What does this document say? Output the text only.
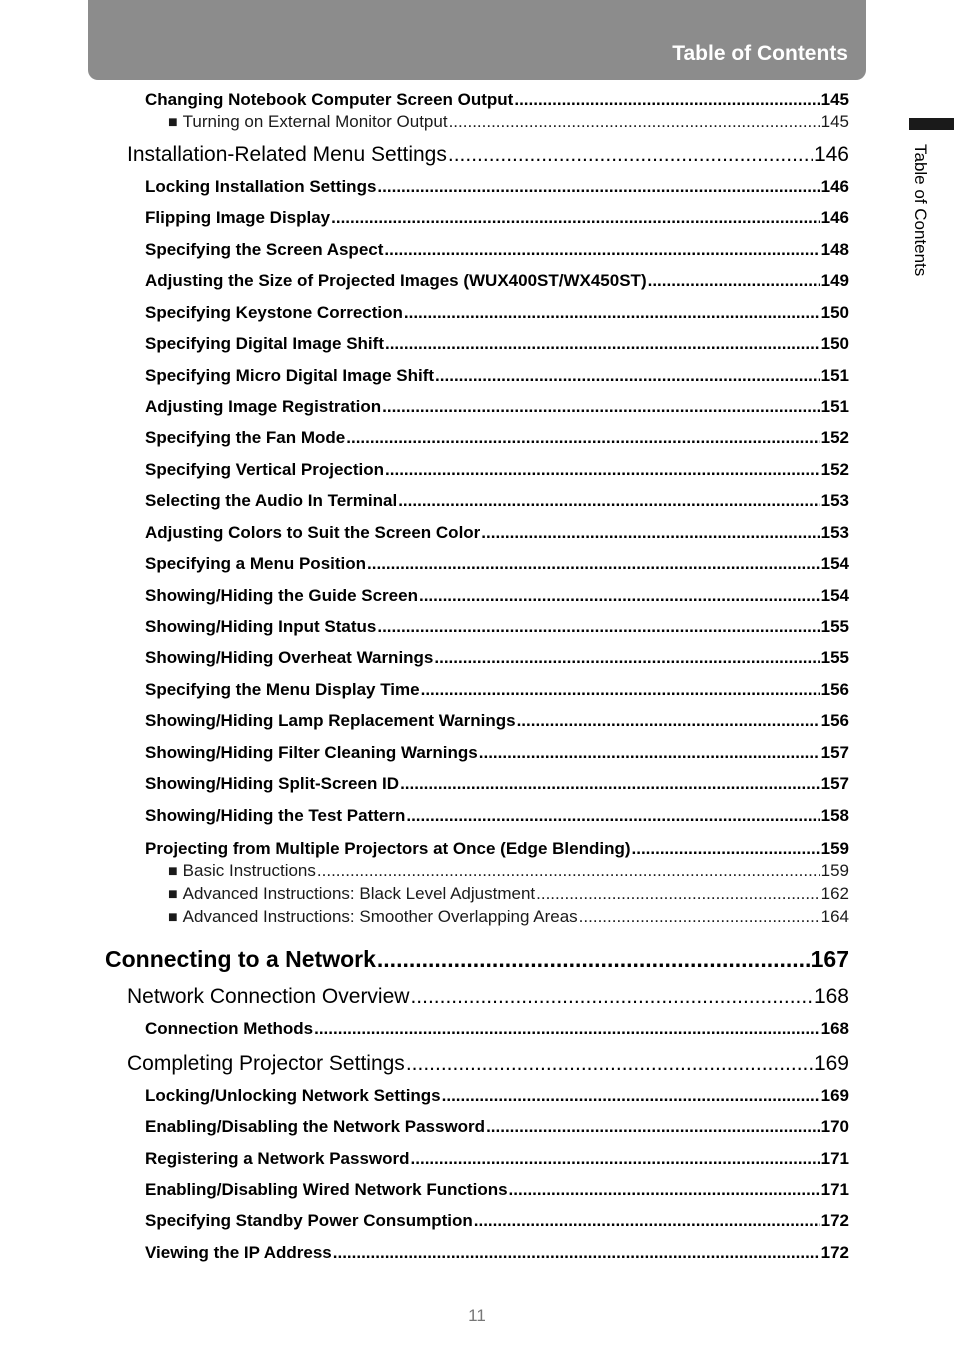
Table of Contents
Table of Contents
Changing Notebook Computer Screen Output .....	145
■ Turning on External Monitor Output .....	145
Installation-Related Menu Settings .....	146
Locking Installation Settings .....	146
Flipping Image Display .....	146
Specifying the Screen Aspect .....	148
Adjusting the Size of Projected Images (WUX400ST/WX450ST) .....	149
Specifying Keystone Correction .....	150
Specifying Digital Image Shift .....	150
Specifying Micro Digital Image Shift .....	151
Adjusting Image Registration .....	151
Specifying the Fan Mode .....	152
Specifying Vertical Projection .....	152
Selecting the Audio In Terminal .....	153
Adjusting Colors to Suit the Screen Color .....	153
Specifying a Menu Position .....	154
Showing/Hiding the Guide Screen .....	154
Showing/Hiding Input Status .....	155
Showing/Hiding Overheat Warnings .....	155
Specifying the Menu Display Time .....	156
Showing/Hiding Lamp Replacement Warnings .....	156
Showing/Hiding Filter Cleaning Warnings .....	157
Showing/Hiding Split-Screen ID .....	157
Showing/Hiding the Test Pattern .....	158
Projecting from Multiple Projectors at Once (Edge Blending) .....	159
■ Basic Instructions .....	159
■ Advanced Instructions: Black Level Adjustment .....	162
■ Advanced Instructions: Smoother Overlapping Areas .....	164
Connecting to a Network .....	167
Network Connection Overview .....	168
Connection Methods .....	168
Completing Projector Settings .....	169
Locking/Unlocking Network Settings .....	169
Enabling/Disabling the Network Password .....	170
Registering a Network Password .....	171
Enabling/Disabling Wired Network Functions .....	171
Specifying Standby Power Consumption .....	172
Viewing the IP Address .....	172
11
